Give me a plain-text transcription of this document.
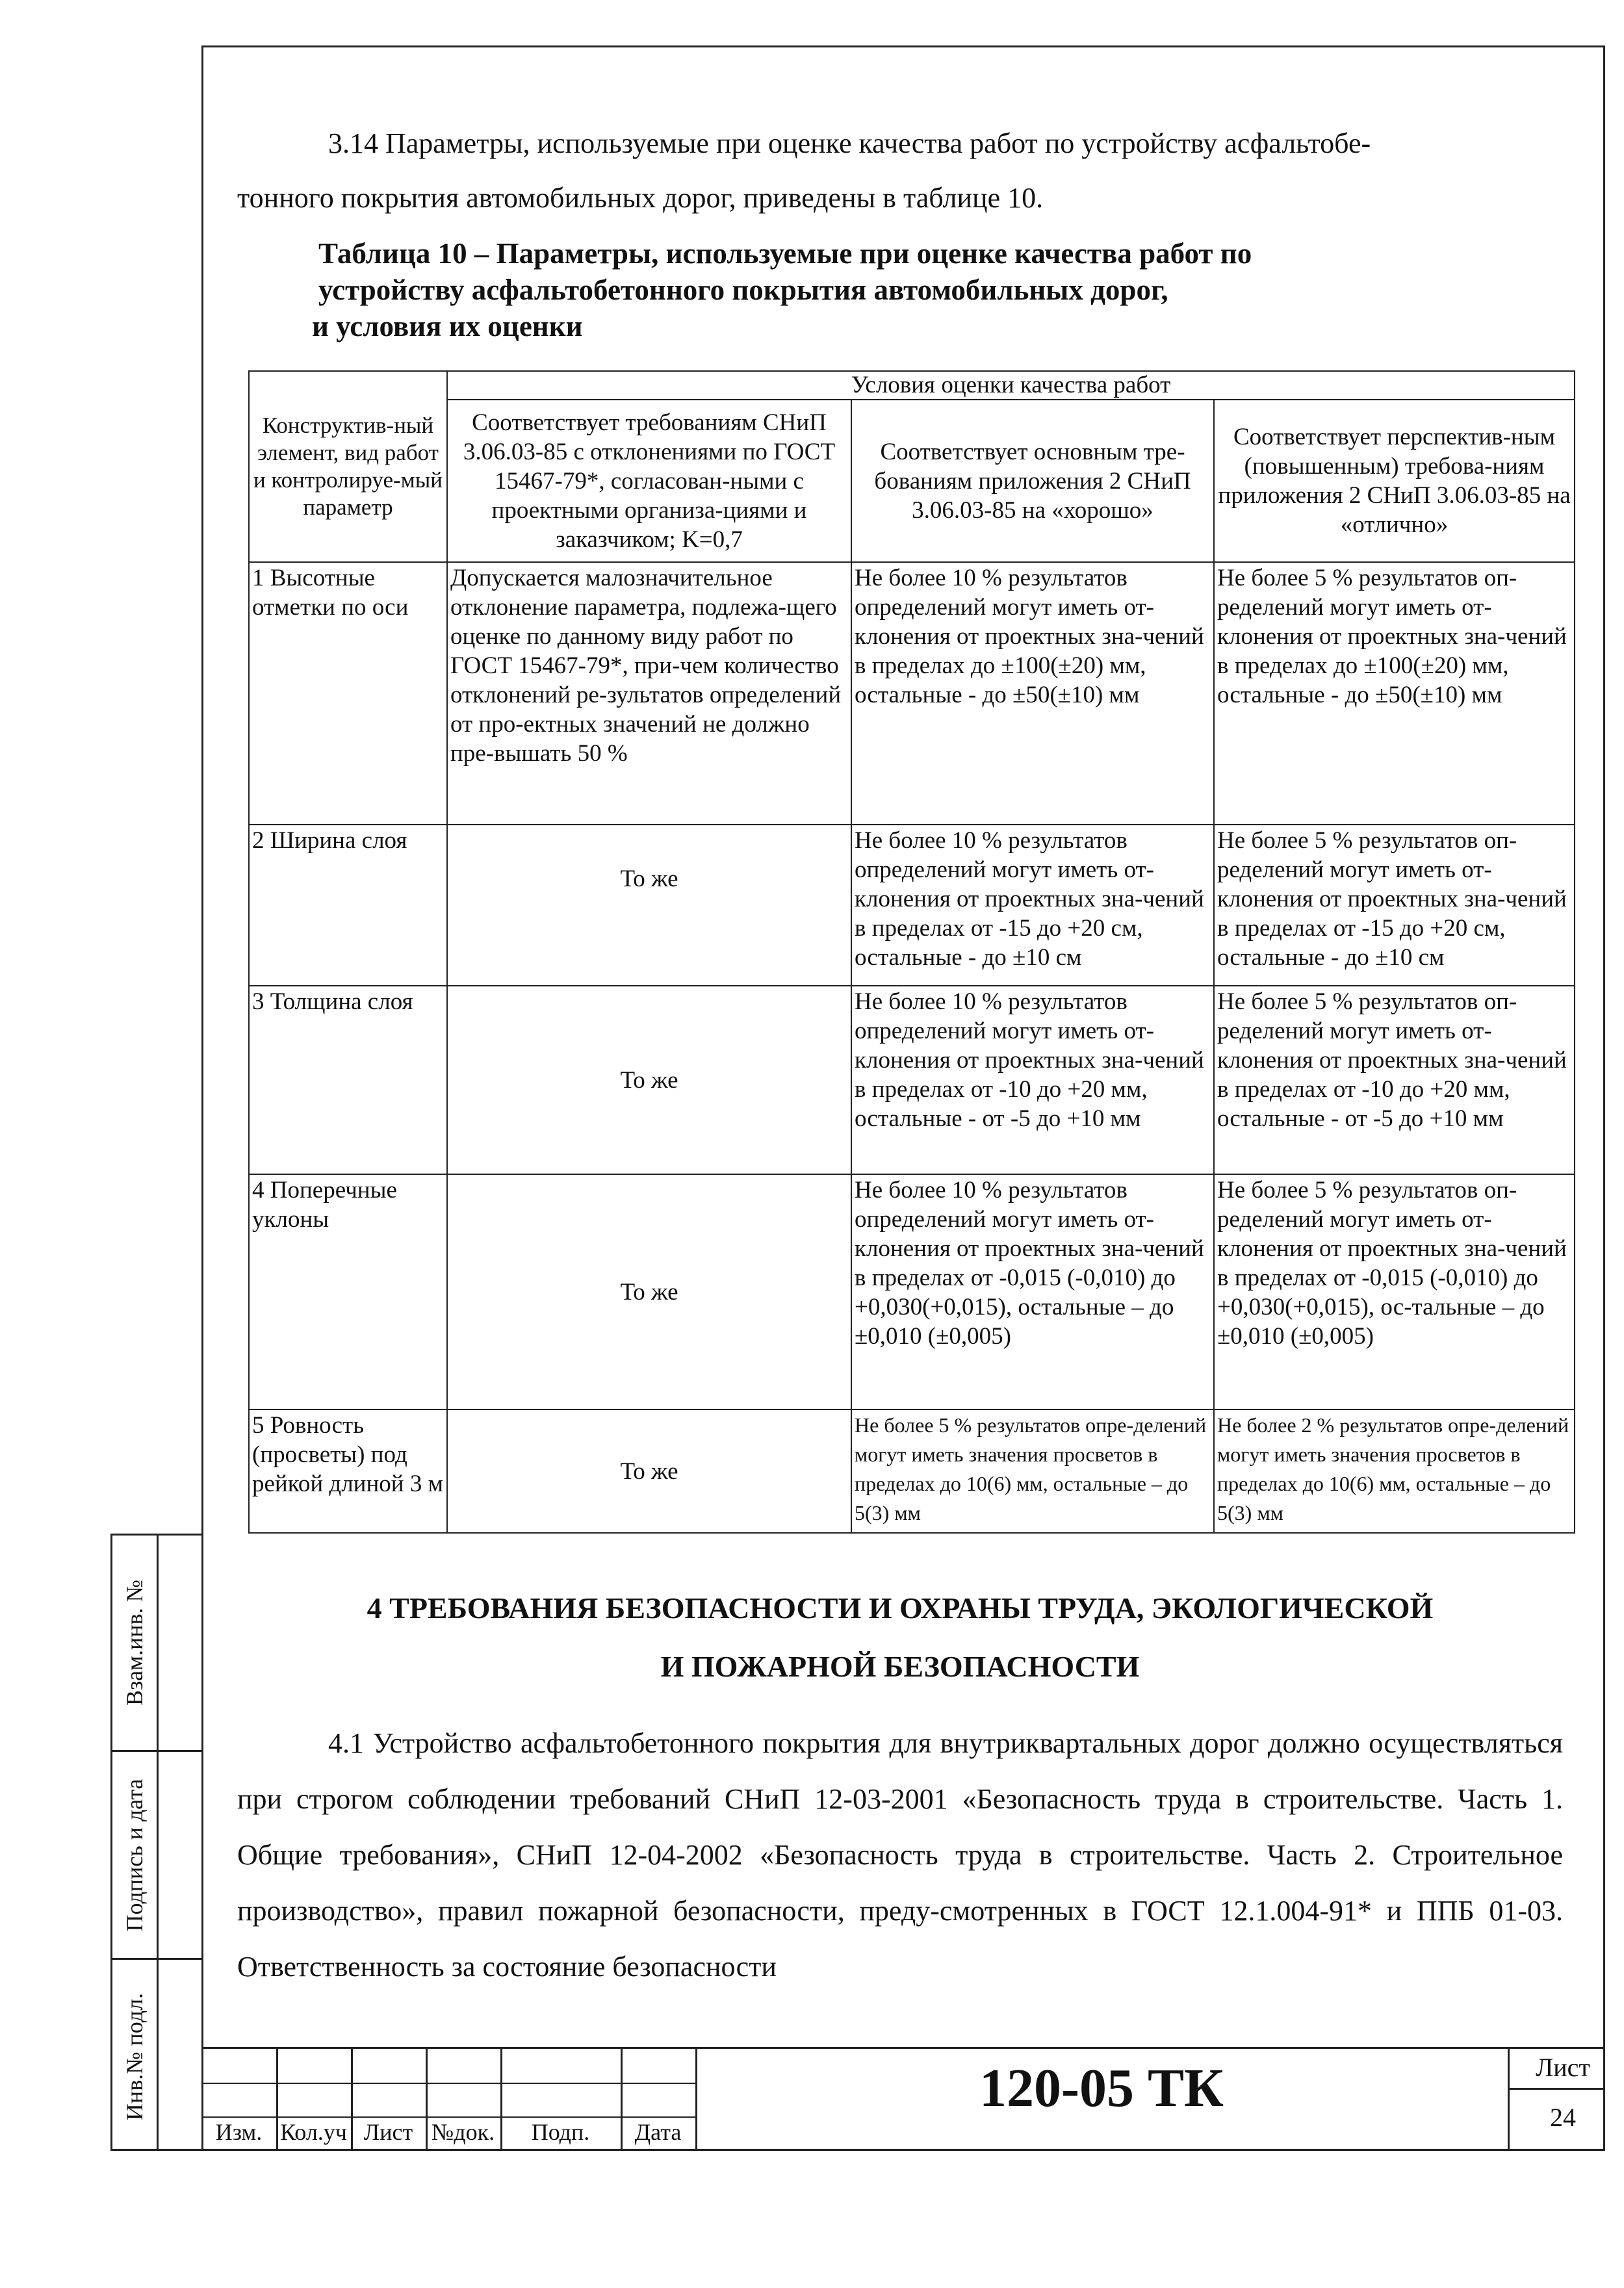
3.14 Параметры, используемые при оценке качества работ по устройству асфальтобе-

тонного покрытия автомобильных дорог, приведены в таблице 10.

Таблица 10 – Параметры, используемые при оценке качества работ по
устройству асфальтобетонного покрытия автомобильных дорог,
и условия их оценки
Конструктив-ный элемент, вид работ и контролируе-мый параметр	Условия оценки качества работ		
	Соответствует требованиям СНиП 3.06.03-85 с отклонениями по ГОСТ 15467-79*, согласован-ными с проектными организа-циями и заказчиком; K=0,7	Соответствует основным тре-бованиям приложения 2 СНиП 3.06.03-85 на «хорошо»	Соответствует перспектив-ным (повышенным) требова-ниям приложения 2 СНиП 3.06.03-85 на «отлично»
1 Высотные отметки по оси	Допускается малозначительное отклонение параметра, подлежа-щего оценке по данному виду работ по ГОСТ 15467-79*, при-чем количество отклонений ре-зультатов определений от про-ектных значений не должно пре-вышать 50 %	Не более 10 % результатов определений могут иметь от-клонения от проектных зна-чений в пределах до ±100(±20) мм, остальные - до ±50(±10) мм	Не более 5 % результатов оп-ределений могут иметь от-клонения от проектных зна-чений в пределах до ±100(±20) мм, остальные - до ±50(±10) мм
2 Ширина слоя	То же	Не более 10 % результатов определений могут иметь от-клонения от проектных зна-чений в пределах от -15 до +20 см, остальные - до ±10 см	Не более 5 % результатов оп-ределений могут иметь от-клонения от проектных зна-чений в пределах от -15 до +20 см, остальные - до ±10 см
3 Толщина слоя	То же	Не более 10 % результатов определений могут иметь от-клонения от проектных зна-чений в пределах от -10 до +20 мм, остальные - от -5 до +10 мм	Не более 5 % результатов оп-ределений могут иметь от-клонения от проектных зна-чений в пределах от -10 до +20 мм, остальные - от -5 до +10 мм
4 Поперечные уклоны	То же	Не более 10 % результатов определений могут иметь от-клонения от проектных зна-чений в пределах от -0,015 (-0,010) до +0,030(+0,015), остальные – до ±0,010 (±0,005)	Не более 5 % результатов оп-ределений могут иметь от-клонения от проектных зна-чений в пределах от -0,015 (-0,010) до +0,030(+0,015), ос-тальные – до ±0,010 (±0,005)
5 Ровность (просветы) под рейкой длиной 3 м	То же	Не более 5 % результатов опре-делений могут иметь значения просветов в пределах до 10(6) мм, остальные – до 5(3) мм	Не более 2 % результатов опре-делений могут иметь значения просветов в пределах до 10(6) мм, остальные – до 5(3) мм
4 ТРЕБОВАНИЯ БЕЗОПАСНОСТИ И ОХРАНЫ ТРУДА, ЭКОЛОГИЧЕСКОЙ
И ПОЖАРНОЙ БЕЗОПАСНОСТИ

4.1 Устройство асфальтобетонного покрытия для внутриквартальных дорог должно осуществляться при строгом соблюдении требований СНиП 12-03-2001 «Безопасность труда в строительстве. Часть 1. Общие требования», СНиП 12-04-2002 «Безопасность труда в строительстве. Часть 2. Строительное производство», правил пожарной безопасности, преду-смотренных в ГОСТ 12.1.004-91* и ППБ 01-03. Ответственность за состояние безопасности

Взам.инв. №
Подпись и дата
Инв.№ подл.
Изм. Кол.уч Лист №док.	Подп.	Дата
120-05 ТК	Лист
24
